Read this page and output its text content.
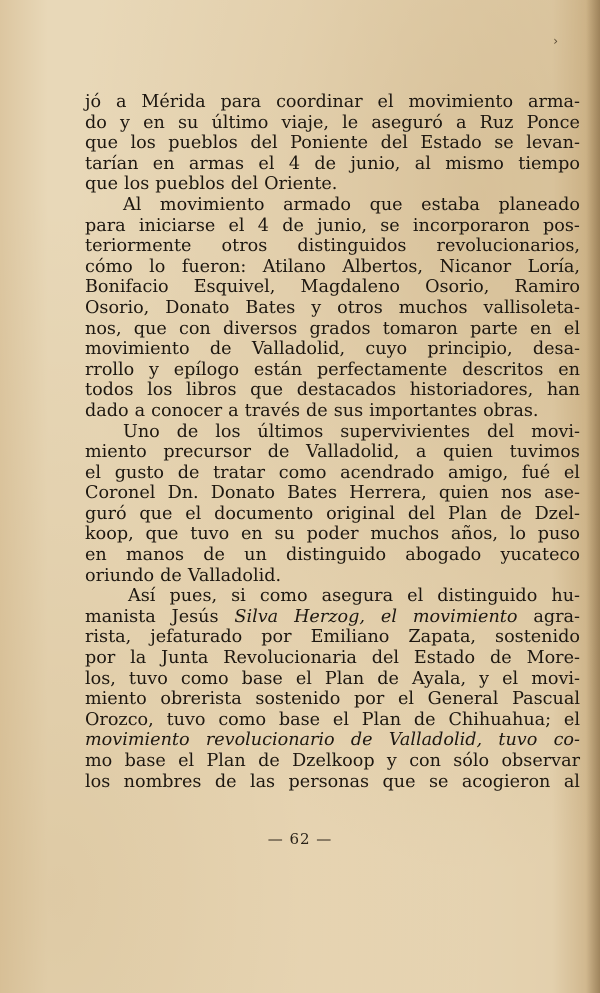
›
jó a Mérida para coordinar el movimiento arma-
do y en su último viaje, le aseguró a Ruz Ponce
que los pueblos del Poniente del Estado se levan-
tarían en armas el 4 de junio, al mismo tiempo
que los pueblos del Oriente.
Al movimiento armado que estaba planeado
para iniciarse el 4 de junio, se incorporaron pos-
teriormente otros distinguidos revolucionarios,
cómo lo fueron: Atilano Albertos, Nicanor Loría,
Bonifacio Esquivel, Magdaleno Osorio, Ramiro
Osorio, Donato Bates y otros muchos vallisoleta-
nos, que con diversos grados tomaron parte en el
movimiento de Valladolid, cuyo principio, desa-
rrollo y epílogo están perfectamente descritos en
todos los libros que destacados historiadores, han
dado a conocer a través de sus importantes obras.
Uno de los últimos supervivientes del movi-
miento precursor de Valladolid, a quien tuvimos
el gusto de tratar como acendrado amigo, fué el
Coronel Dn. Donato Bates Herrera, quien nos ase-
guró que el documento original del Plan de Dzel-
koop, que tuvo en su poder muchos años, lo puso
en manos de un distinguido abogado yucateco
oriundo de Valladolid.
Así pues, si como asegura el distinguido hu-
manista Jesús Silva Herzog, el movimiento agra-
rista, jefaturado por Emiliano Zapata, sostenido
por la Junta Revolucionaria del Estado de More-
los, tuvo como base el Plan de Ayala, y el movi-
miento obrerista sostenido por el General Pascual
Orozco, tuvo como base el Plan de Chihuahua; el
movimiento revolucionario de Valladolid, tuvo co-
mo base el Plan de Dzelkoop y con sólo observar
los nombres de las personas que se acogieron al
— 62 —
